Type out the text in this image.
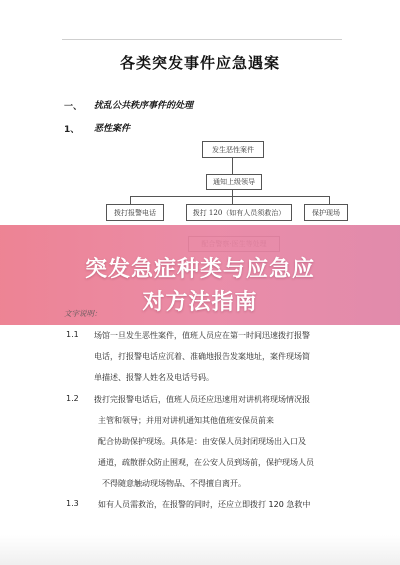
各类突发事件应急遇案
一、 扰乱公共秩序事件的处理
1、 恶性案件
发生恶性案件
通知上级领导
拨打报警电话	拨打 120（如有人员须救治）	保护现场
突发急症种类与应急应
对方法指南
文字说明：
1.1 场馆一旦发生恶性案件，值班人员应在第一时间迅速拨打报警
电话，打报警电话应沉着、准确地报告发案地址，案件现场简
单描述、报警人姓名及电话号码。
1.2 拨打完报警电话后，值班人员还应迅速用对讲机将现场情况报
主管和领导；并用对讲机通知其他值班安保员前来
配合协助保护现场。具体是：由安保人员封闭现场出入口及
通道，疏散群众防止围观，在公安人员到场前，保护现场人员
不得随意触动现场物品、不得擅自离开。
1.3 如有人员需救治，在报警的同时，还应立即拨打 120 急救中
